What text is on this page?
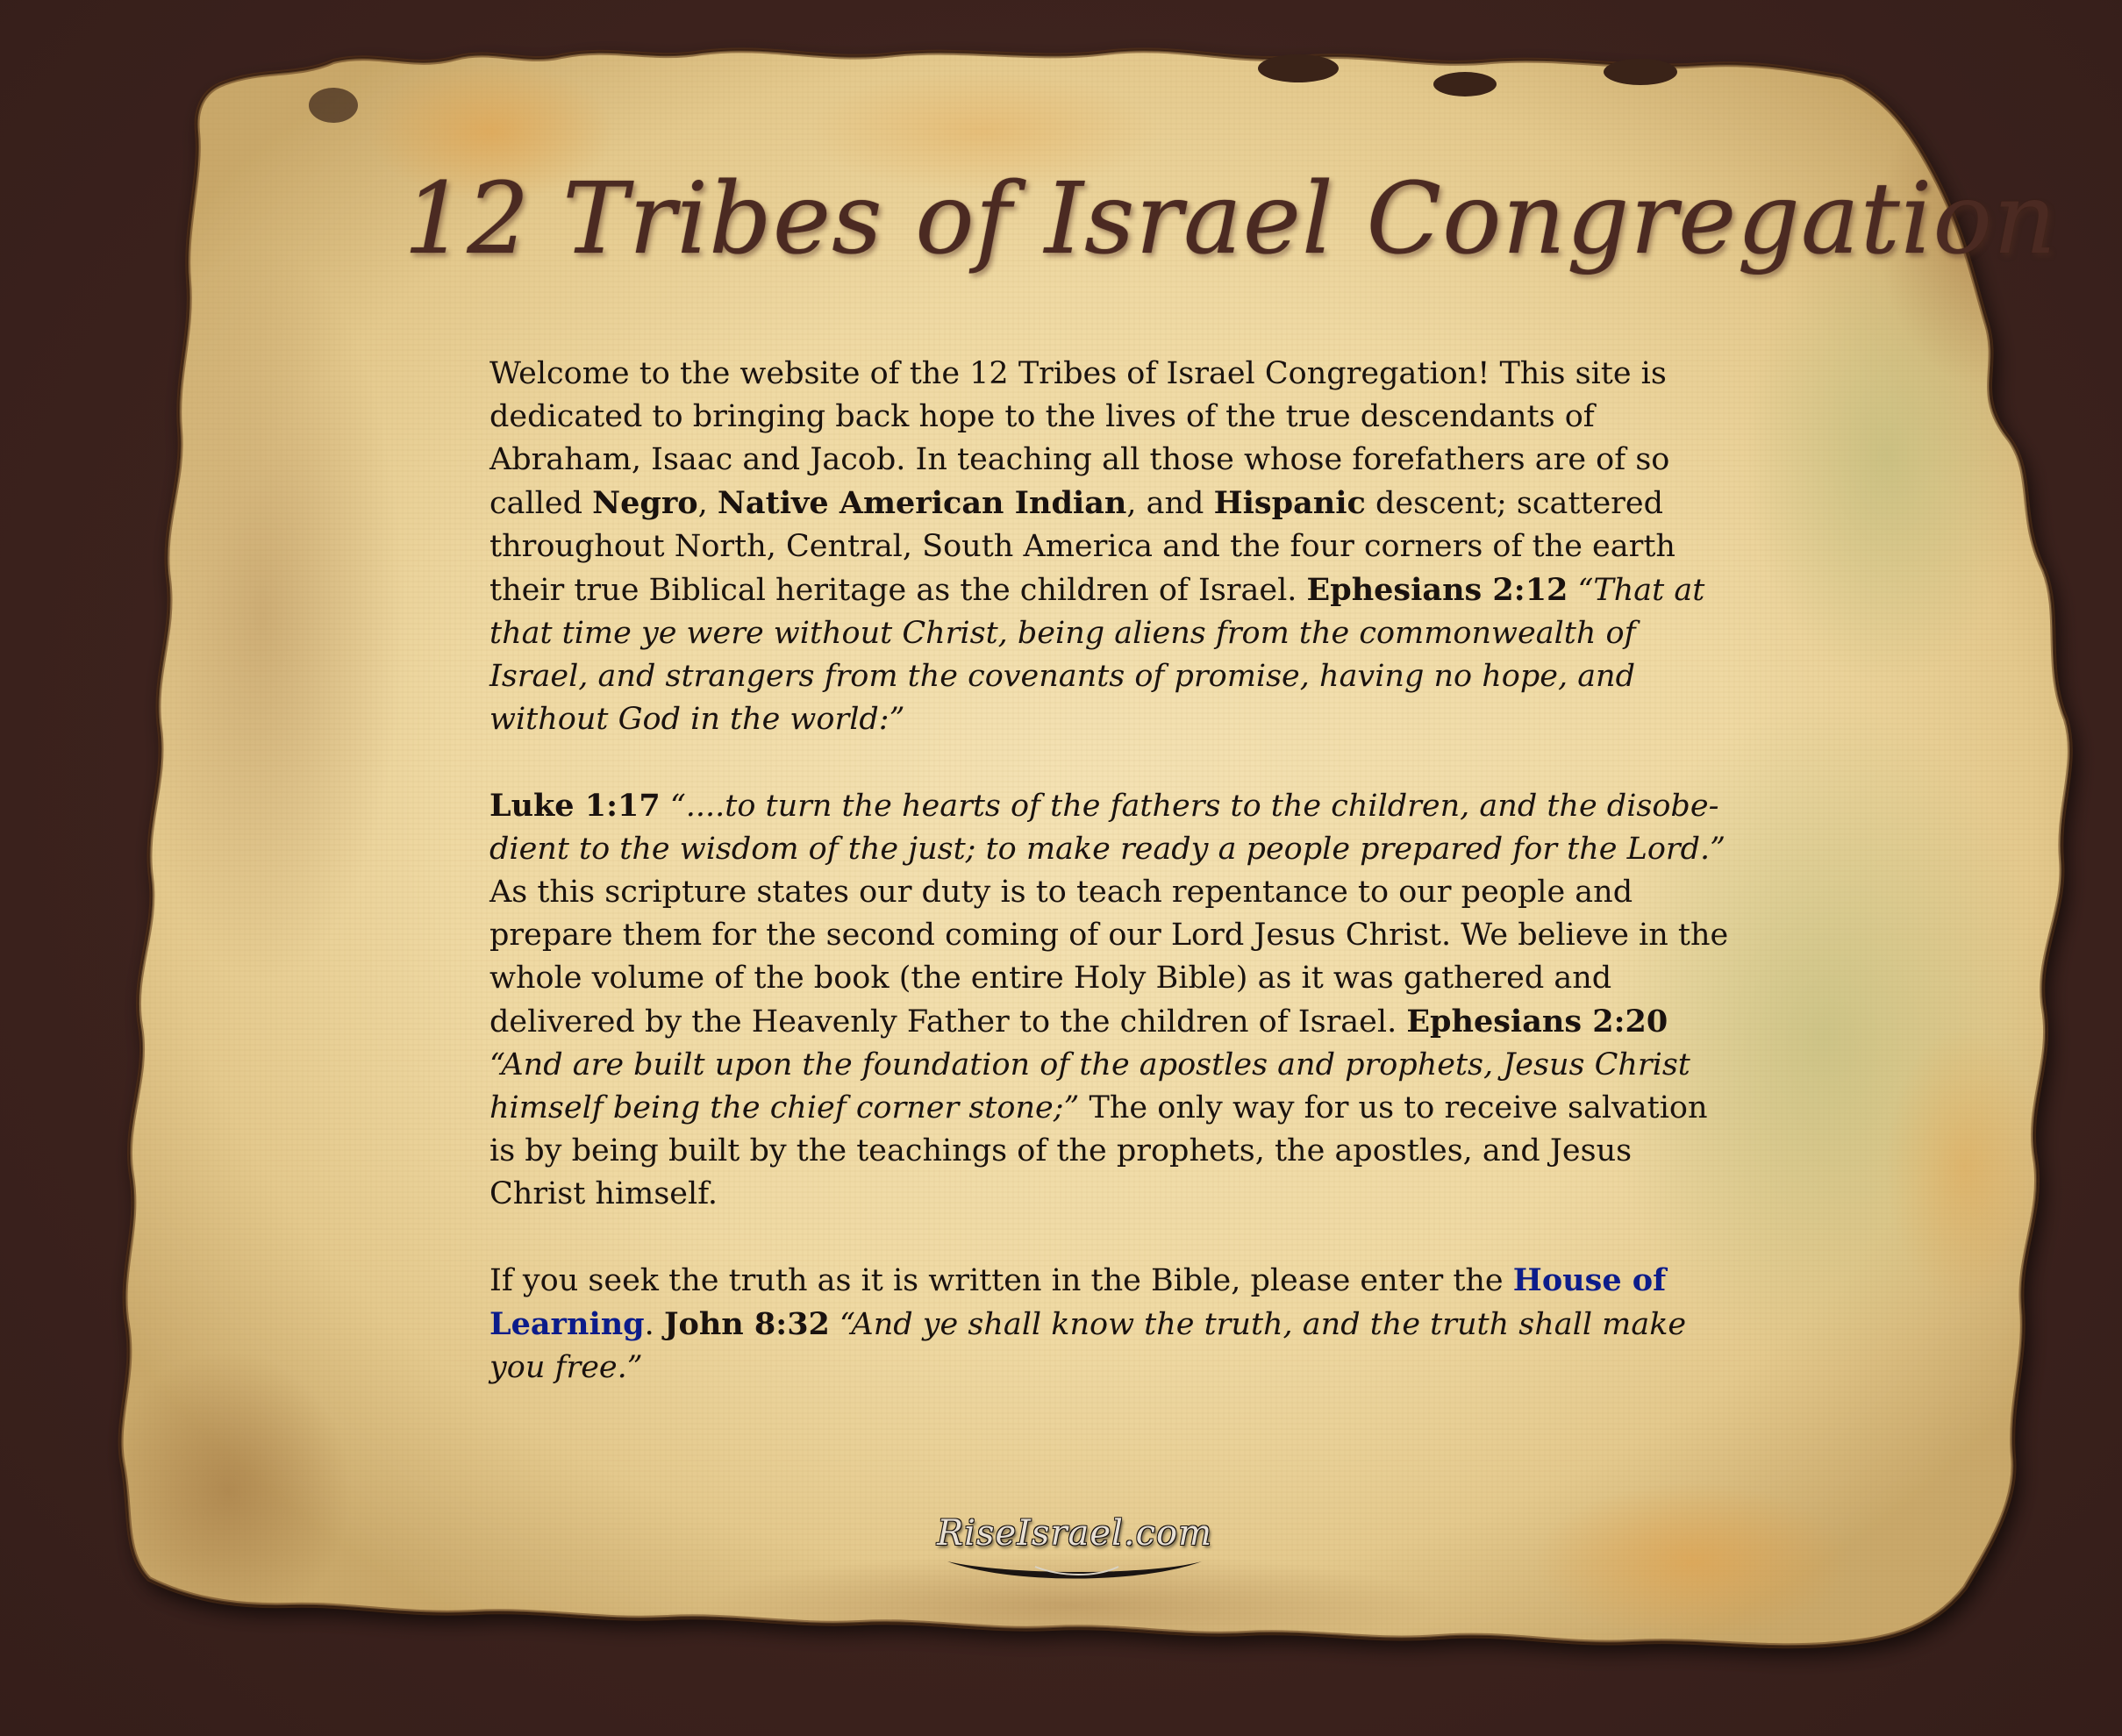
12 Tribes of Israel Congregation

Welcome to the website of the 12 Tribes of Israel Congregation! This site is dedicated to bringing back hope to the lives of the true descendants of Abraham, Isaac and Jacob. In teaching all those whose forefathers are of so called Negro, Native American Indian, and Hispanic descent; scattered throughout North, Central, South America and the four corners of the earth their true Biblical heritage as the children of Israel. Ephesians 2:12 “That at that time ye were without Christ, being aliens from the commonwealth of Israel, and strangers from the covenants of promise, having no hope, and without God in the world:”

Luke 1:17 “....to turn the hearts of the fathers to the children, and the disobedient to the wisdom of the just; to make ready a people prepared for the Lord.” As this scripture states our duty is to teach repentance to our people and prepare them for the second coming of our Lord Jesus Christ. We believe in the whole volume of the book (the entire Holy Bible) as it was gathered and delivered by the Heavenly Father to the children of Israel. Ephesians 2:20 “And are built upon the foundation of the apostles and prophets, Jesus Christ himself being the chief corner stone;” The only way for us to receive salvation is by being built by the teachings of the prophets, the apostles, and Jesus Christ himself.

If you seek the truth as it is written in the Bible, please enter the House of Learning. John 8:32 “And ye shall know the truth, and the truth shall make you free.”

RiseIsrael.com
